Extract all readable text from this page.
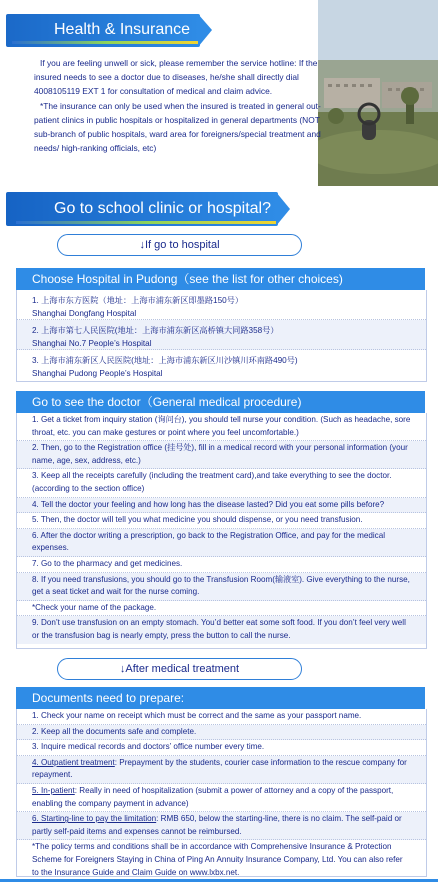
Health & Insurance

If you are feeling unwell or sick, please remember the service hotline: If the insured needs to see a doctor due to diseases, he/she shall directly dial 4008105119 EXT 1 for consultation of medical and claim advice.

*The insurance can only be used when the insured is treated in general out-patient clinics in public hospitals or hospitalized in general departments (NOT sub-branch of public hospitals, ward area for foreigners/special treatment and needs/ high-ranking officials, etc)

Go to school clinic or hospital?
↓If go to hospital
Choose Hospital in Pudong（see the list for other choices)
1. 上海市东方医院（地址：上海市浦东新区即墨路150号）
Shanghai Dongfang Hospital
2. 上海市第七人民医院(地址：上海市浦东新区高桥镇大同路358号）
Shanghai No.7 People’s Hospital
3. 上海市浦东新区人民医院(地址：上海市浦东新区川沙镇川环南路490号)
Shanghai Pudong People’s Hospital
Go to see the doctor（General medical procedure)
1. Get a ticket from inquiry station (询问台), you should tell nurse your condition. (Such as headache, sore throat, etc. you can make gestures or point where you feel uncomfortable.)
2. Then, go to the Registration office (挂号处), fill in a medical record with your personal information (your name, age, sex, address, etc.)
3. Keep all the receipts carefully (including the treatment card),and take everything to see the doctor.(according to the section office)
4. Tell the doctor your feeling and how long has the disease lasted? Did you eat some pills before?
5. Then, the doctor will tell you what medicine you should dispense, or you need transfusion.
6. After the doctor writing a prescription, go back to the Registration Office, and pay for the medical expenses.
7. Go to the pharmacy and get medicines.
8. If you need transfusions, you should go to the Transfusion Room(输液室). Give everything to the nurse, get a seat ticket and wait for the nurse coming.
*Check your name of the package.
9. Don’t use transfusion on an empty stomach. You’d better eat some soft food. If you don’t feel very well or the transfusion bag is nearly empty, press the button to call the nurse.
↓After medical treatment
Documents need to prepare:
1. Check your name on receipt which must be correct and the same as your passport name.
2. Keep all the documents safe and complete.
3. Inquire medical records and doctors’ office number every time.
4. Outpatient treatment: Prepayment by the students, courier case information to the rescue company for repayment.
5. In-patient: Really in need of hospitalization (submit a power of attorney and a copy of the passport, enabling the company payment in advance)
6. Starting-line to pay the limitation: RMB 650, below the starting-line, there is no claim. The self-paid or partly self-paid items and expenses cannot be reimbursed.
*The policy terms and conditions shall be in accordance with Comprehensive Insurance & Protection Scheme for Foreigners Staying in China of Ping An Annuity Insurance Company, Ltd. You can also refer to the Insurance Guide and Claim Guide on www.lxbx.net.
